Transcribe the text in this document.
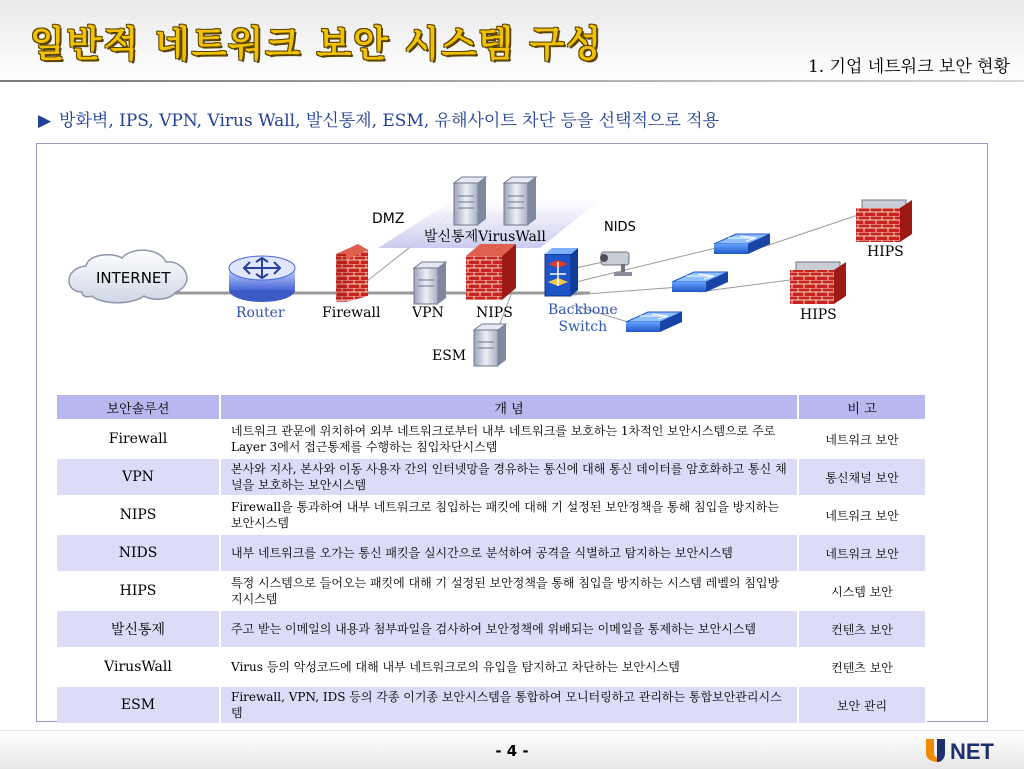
일반적 네트워크 보안 시스템 구성
1. 기업 네트워크 보안 현황
▶ 방화벽, IPS, VPN, Virus Wall, 발신통제, ESM, 유해사이트 차단 등을 선택적으로 적용
INTERNET
DMZ
발신통제VirusWall
NIDS
Router	Firewall VPN NIPS	Backbone
Switch
ESM
HIPS
HIPS
보안솔루션	개 념	비 고
Firewall	네트워크 관문에 위치하여 외부 네트워크로부터 내부 네트워크를 보호하는 1차적인 보안시스템으로 주로 Layer 3에서 접근통제를 수행하는 침입차단시스템	네트워크 보안
VPN	본사와 지사, 본사와 이동 사용자 간의 인터넷망을 경유하는 통신에 대해 통신 데이터를 암호화하고 통신 채널을 보호하는 보안시스템	통신채널 보안
NIPS	Firewall을 통과하여 내부 네트워크로 침입하는 패킷에 대해 기 설정된 보안정책을 통해 침입을 방지하는 보안시스템	네트워크 보안
NIDS	내부 네트워크를 오가는 통신 패킷을 실시간으로 분석하여 공격을 식별하고 탐지하는 보안시스템	네트워크 보안
HIPS	특정 시스템으로 들어오는 패킷에 대해 기 설정된 보안정책을 통해 침입을 방지하는 시스템 레벨의 침입방지시스템	시스템 보안
발신통제	주고 받는 이메일의 내용과 첨부파일을 검사하여 보안정책에 위배되는 이메일을 통제하는 보안시스템	컨텐츠 보안
VirusWall	Virus 등의 악성코드에 대해 내부 네트워크로의 유입을 탐지하고 차단하는 보안시스템	컨텐츠 보안
ESM	Firewall, VPN, IDS 등의 각종 이기종 보안시스템을 통합하여 모니터링하고 관리하는 통합보안관리시스템	보안 관리
- 4 -	NET
